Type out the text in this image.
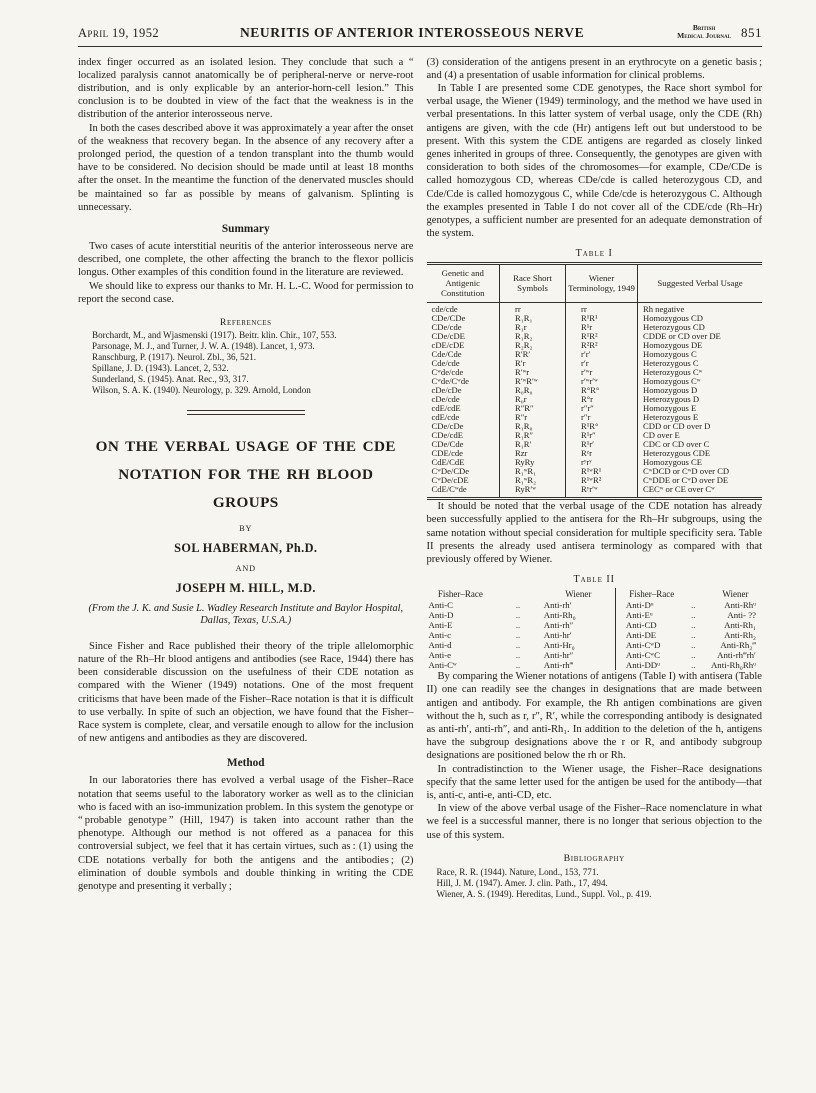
April 19, 1952	NEURITIS OF ANTERIOR INTEROSSEOUS NERVE	British
Medical Journal 851

index finger occurred as an isolated lesion. They conclude that such a “ localized paralysis cannot anatomically be of peripheral-nerve or nerve-root distribution, and is only explicable by an anterior-horn-cell lesion.” This conclusion is to be doubted in view of the fact that the weakness is in the distribution of the anterior interosseous nerve.

In both the cases described above it was approximately a year after the onset of the weakness that recovery began. In the absence of any recovery after a prolonged period, the question of a tendon transplant into the thumb would have to be considered. No decision should be made until at least 18 months after the onset. In the meantime the function of the denervated muscles should be maintained so far as possible by means of galvanism. Splinting is unnecessary.

Summary

Two cases of acute interstitial neuritis of the anterior interosseous nerve are described, one complete, the other affecting the branch to the flexor pollicis longus. Other examples of this condition found in the literature are reviewed.

We should like to express our thanks to Mr. H. L.-C. Wood for permission to report the second case.

References
Borchardt, M., and Wjasmenski (1917). Beitr. klin. Chir., 107, 553.
Parsonage, M. J., and Turner, J. W. A. (1948). Lancet, 1, 973.
Ranschburg, P. (1917). Neurol. Zbl., 36, 521.
Spillane, J. D. (1943). Lancet, 2, 532.
Sunderland, S. (1945). Anat. Rec., 93, 317.
Wilson, S. A. K. (1940). Neurology, p. 329. Arnold, London
ON THE VERBAL USAGE OF THE CDE NOTATION FOR THE RH BLOOD GROUPS
BY
SOL HABERMAN, Ph.D.
AND
JOSEPH M. HILL, M.D.
(From the J. K. and Susie L. Wadley Research Institute and Baylor Hospital, Dallas, Texas, U.S.A.)

Since Fisher and Race published their theory of the triple allelomorphic nature of the Rh–Hr blood antigens and antibodies (see Race, 1944) there has been considerable discussion on the usefulness of their CDE notation as compared with the Wiener (1949) notations. One of the most frequent criticisms that have been made of the Fisher–Race notation is that it is difficult to use verbally. In spite of such an objection, we have found that the Fisher–Race system is complete, clear, and versatile enough to allow for the inclusion of new antigens and antibodies as they are discovered.

Method

In our laboratories there has evolved a verbal usage of the Fisher–Race notation that seems useful to the laboratory worker as well as to the clinician who is faced with an iso-immunization problem. In this system the genotype or “ probable genotype ” (Hill, 1947) is taken into account rather than the phenotype. Although our method is not offered as a panacea for this controversial subject, we feel that it has certain virtues, such as : (1) using the CDE notations verbally for both the antigens and the antibodies ; (2) elimination of double symbols and double thinking in writing the CDE genotype and presenting it verbally ;

(3) consideration of the antigens present in an erythrocyte on a genetic basis ; and (4) a presentation of usable information for clinical problems.

In Table I are presented some CDE genotypes, the Race short symbol for verbal usage, the Wiener (1949) terminology, and the method we have used in verbal presentations. In this latter system of verbal usage, only the CDE (Rh) antigens are given, with the cde (Hr) antigens left out but understood to be present. With this system the CDE antigens are regarded as closely linked genes inherited in groups of three. Consequently, the genotypes are given with consideration to both sides of the chromosomes—for example, CDe/CDe is called homozygous CD, whereas CDe/cde is called heterozygous CD, and Cde/Cde is called homozygous C, while Cde/cde is heterozygous C. Although the examples presented in Table I do not cover all of the CDE/cde (Rh–Hr) genotypes, a sufficient number are presented for an adequate demonstration of the system.

Table I
Genetic and Antigenic Constitution	Race Short Symbols	Wiener Terminology, 1949	Suggested Verbal Usage
cde/cde	rr	rr	Rh negative
CDe/CDe	R₁R₁	R¹R¹	Homozygous CD
CDe/cde	R₁r	R¹r	Heterozygous CD
CDe/cDE	R₁R₂	R¹R²	CDDE or CD over DE
cDE/cDE	R₂R₂	R²R²	Homozygous DE
Cde/Cde	R′R′	r′r′	Homozygous C
Cde/cde	R′r	r′r	Heterozygous C
Cʷde/cde	R′ʷr	r′ʷr	Heterozygous Cʷ
Cʷde/Cʷde	R′ʷR′ʷ	r′ʷr′ʷ	Homozygous Cʷ
cDe/cDe	R₀R₀	R°R°	Homozygous D
cDe/cde	R₀r	R°r	Heterozygous D
cdE/cdE	R″R″	r″r″	Homozygous E
cdE/cde	R″r	r″r	Heterozygous E
CDe/cDe	R₁R₀	R¹R°	CDD or CD over D
CDe/cdE	R₁R″	R¹r″	CD over E
CDe/Cde	R₁R′	R¹r′	CDC or CD over C
CDE/cde	Rzr	Rᶻr	Heterozygous CDE
CdE/CdE	RyRy	rʸrʸ	Homozygous CE
CʷDe/CDe	R₁ʷR₁	R¹ʷR¹	CʷDCD or CʷD over CD
CʷDe/cDE	R₁ʷR₂	R¹ʷR²	CʷDDE or CʷD over DE
CdE/Cʷde	RyR′ʷ	Rʸr′ʷ	CECʷ or CE over Cʷ

It should be noted that the verbal usage of the CDE notation has already been successfully applied to the antisera for the Rh–Hr subgroups, using the same notation without special consideration for multiple specificity sera. Table II presents the already used antisera terminology as compared with that previously offered by Wiener.

Table II
Fisher–Race		Wiener	Fisher–Race		Wiener
Anti-C	..	Anti-rh′	Anti-Dᵘ	..	Anti-Rhᵘ
Anti-D	..	Anti-Rh₀	Anti-Eᵘ	..	Anti- ??
Anti-E	..	Anti-rh″	Anti-CD	..	Anti-Rh₁
Anti-c	..	Anti-hr′	Anti-DE	..	Anti-Rh₂
Anti-d	..	Anti-Hr₀	Anti-CʷD	..	Anti-Rh₂‴
Anti-e	..	Anti-hr″	Anti-CʷC	..	Anti-rh‴rh′
Anti-Cʷ	..	Anti-rh‴	Anti-DDᵘ	..	Anti-Rh₀Rhᵘ

By comparing the Wiener notations of antigens (Table I) with antisera (Table II) one can readily see the changes in designations that are made between antigen and antibody. For example, the Rh antigen combinations are given without the h, such as r, r″, R′, while the corresponding antibody is designated as anti-rh′, anti-rh″, and anti-Rh₁. In addition to the deletion of the h, antigens have the subgroup designations above the r or R, and antibody subgroup designations are positioned below the rh or Rh.

In contradistinction to the Wiener usage, the Fisher–Race designations specify that the same letter used for the antigen be used for the antibody—that is, anti-c, anti-e, anti-CD, etc.

In view of the above verbal usage of the Fisher–Race nomenclature in what we feel is a successful manner, there is no longer that serious objection to the use of this system.

Bibliography
Race, R. R. (1944). Nature, Lond., 153, 771.
Hill, J. M. (1947). Amer. J. clin. Path., 17, 494.
Wiener, A. S. (1949). Hereditas, Lund., Suppl. Vol., p. 419.
